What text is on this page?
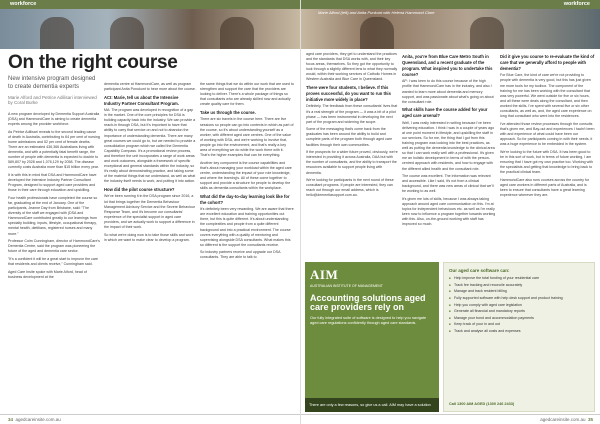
workforce
On the right course
New intensive program designed to create dementia experts
Marie Alford and Petrice Adilisari interviewed by Coral Burke

A new program developed by Dementia Support Australia (DSA) and HammondCare is aiming to create dementia experts among the provider workforce.

As Petrice Adilisari reveals to the second leading cause of death in Australia, contributing to 64 per cent of nursing home admissions and 52 per cent of female deaths. There are an estimated 436,366 Australians living with dementia, and with a potentially fatal benefit range, the number of people with dementia is expected to double to 589,807 by 2028 and 1,076,129 by 2058. The disease currently costs Australia more than $15 billion every year.

It is with this in mind that DSA and HammondCare have developed the Intensive Industry Partner Consultant Program, designed to support aged care providers and those in their care through education and upskilling.

Four health professionals have completed the course so far, graduating at the end of January. One of the participants, Jeanne Day from Brisbane, said: "The diversity of the staff we engaged with (DSA and HammondCare contributed greatly to our learnings from specialty building, inputs, lifestyle, occupational therapy, mental health, dietitians, registered nurses and many more."

Professor Colm Cunningham, director of HammondCare's Dementia Centre, said the program was pioneering the future of the aged and dementia care sector.

"It's a confident it will be a great start to improve the care that residents and clients receive," Cunningham said.

Aged Care Insite spoke with Marie Alford, head of business development at the

dementia centre at HammondCare, as well as program participant Anita Punukunt to hear more about the course.

ACI: Marie, tell us about the Intensive Industry Partner Consultant Program.

MA: The program was developed in recognition of a gap in the market. One of the core principles for DSA is building capacity back into the industry. We can provide a reach-in through DSA, but it's important to have that ability to carry that service on and not to abandon the importance of understanding dementia. There are many great courses we could go to, but we needed to provide a consolidation program which we called the Dementia Capability Compass. It's a promotional review process, and therefore the unit incorporates a range of work areas and work outcomes, alongside a framework of specific exceptional and general standards within the industry, so it's really about demonstrating practice, and taking some of the material things that we understand, as well as what the industry itself needs to work, and putting it into action.

How did the pilot course structure?

We've been running it in the DSA program since 2016, a lot that brings together the Dementia Behaviour Management Advisory Service and the Severe Behaviour Response Team, and it's become our consultants' experience of the specialist support in aged care providers, and we actually work to support a difference in the impact of their work.

So what we're doing now is to take those skills and work in which we want to make clear to develop a program.

the same things that we do within our work that are used to strengthen and support the care that the providers are looking to deliver. There's a whole package of things so that consultants who are already skilled now and actually create quality care for them.

Take us through the course.

There are six travels in the course here. There are live sessions so people can go into contexts in which as part of the course, so it's about understanding yourself as a worker, with different aged care centres. One of the value of working with DSA, and we're working to involve that, people go into the environment, and that's really a key area of everything we do while the work there with it. That's the higher examples that can be everything.

Another key component is the course capabilities and that's about managing your workload within the aged care centre, understanding the impact of your role knowledge, and where the learning's. All of these come together to support and provide a structure for people to develop the skills as dementia consultants within the workplace.

What did the day-to-day learning look like for the cohort?

It's definitely been very rewarding. We are aware that there are excellent education and training opportunities out there, but this is quite different. It's about understanding the complexities and people from a quite different background and into a practical environment. The course covers everything with a quality of mentoring and supervising alongside DSA consultants. What makes this so different is the support the consultants receive.

So industry partners receive and upgrade our DSA consultants. They are able to talk to

34 agedcareinsite.com.au
workforce

aged care providers, they get to understand the practices and the standards that DSA works with, and their key focus areas, themselves. So they got the opportunity to look through a slightly different lens to what they normally would, within their working services of Catholic Homes in Western Australia and Blue Care in Queensland.

There were four students, I believe. If this proves successful, do you want to run this initiative more widely in place?

Definitely. The feedback from these consultants' lives that it's a real strength of the program — it was a bit of a pilot phase — has been instrumental in developing the next part of the program and widening the scope.

Some of the messaging that's come back from the graduates has been around the ability to build and complete parts of the program both through aged care facilities through their own communities.

If the prospects for a wider future proved, obviously, we're interested in providing it across Australia, DAA but with the number of consultants, and the ability to transport the resources available to support people living with dementia.

We're looking for participants in the next round of these consultant programs. If people are interested, they can reach out through our email address, which is hello@dementiasupport.com.au.

Anita, you're from Blue Care Metro South in Queensland, and a recent graduate of the program. What inspired you to undertake this course?

AP: I was keen to do this course because of the high profile that HammondCare has in the industry, and also I wanted to learn more about dementia and memory support, and was passionate about what's going on about the consultant role.

What skills have the course added for your aged care arsenal?

Well, I was really interested in writing because I've been delivering education. I think I was in a couple of years ago at one point moment in lifestyle, and upskilling the staff in our services. So for me, the thing that I got from this training program was looking into the best practices, as well as putting the dementia knowledge to the clinical area so that I can work really well with a professional. It's given me an holistic development in terms of with the person-centred approach with residents, and how to engage with the different allied health and the consultant role.

The course was excellent. The information was relevant and accessible. Like I said, it's not from a clinical background, and there was new areas of clinical that we'll be working to as well.

It's given me lots of skills, because I was always taking approach around aged care communication on this. I'm at topics for independent behaviours etc. as well as I'm really keen now to influence a program together towards working with this. Also, on-the-ground working with staff has improved so much.

Did it give you course to re-evaluate the kind of care that we generally afford to people with dementia?

For Blue Care, the kind of care we're not providing to people with dementia is very good, but this has just given me more tools for my toolbox. The component of the training for me has been working with the consultant that was very powerful. We went outside for five or six hours, and all these were deals along the consultant, and then worked the skills. I've spent with several five or six other consultants, as well as, and, the aged care experience on long that consultant who went into the residences.

I've attended those review processes through the consults that's given me, and Bay-out and experiences I hadn't been with and experience of what could have been our approach. So for participants coming in with their needs, it was a huge experience to be embedded in the system.

We're looking to the future with DSA. It has been good to be in this sort of work, but in terms of future working, I am ensuring that I have got my own practice too. Working with the specialists and getting that knowledge to bring back to the practical clinical team.

HammondCare also runs courses across the country for aged care workers in different parts of Australia, and is keen to ensure that consultants have a great learning experience wherever they are.

agedcareinsite.com.au 35
Marie Alford (left) and Anita Punkunt with Helena Hammond Clare
AIM
AUSTRALIAN INSTITUTE OF MANAGEMENT
Accounting solutions aged care providers rely on
Our fully integrated suite of software is designed to help you navigate aged care regulations confidently through aged care standards.
There are only a few reasons, so give us a call. AIM may have a solution that's just right for you
Our aged care software can:
■ Help improve the total funding of your residential care
■ Track fee tracking and reconcile accurately
■ Manage and track resident billing
■ Fully supported software with help desk support and product training
■ Help you comply with aged care legislation
■ Generate all financial and mandatory reports
■ Manage your bond and accommodation payments
■ Keep track of your in and out
■ Track and analyse all costs and expenses
Call 1300 AIM AGED (1300 246 2433)
